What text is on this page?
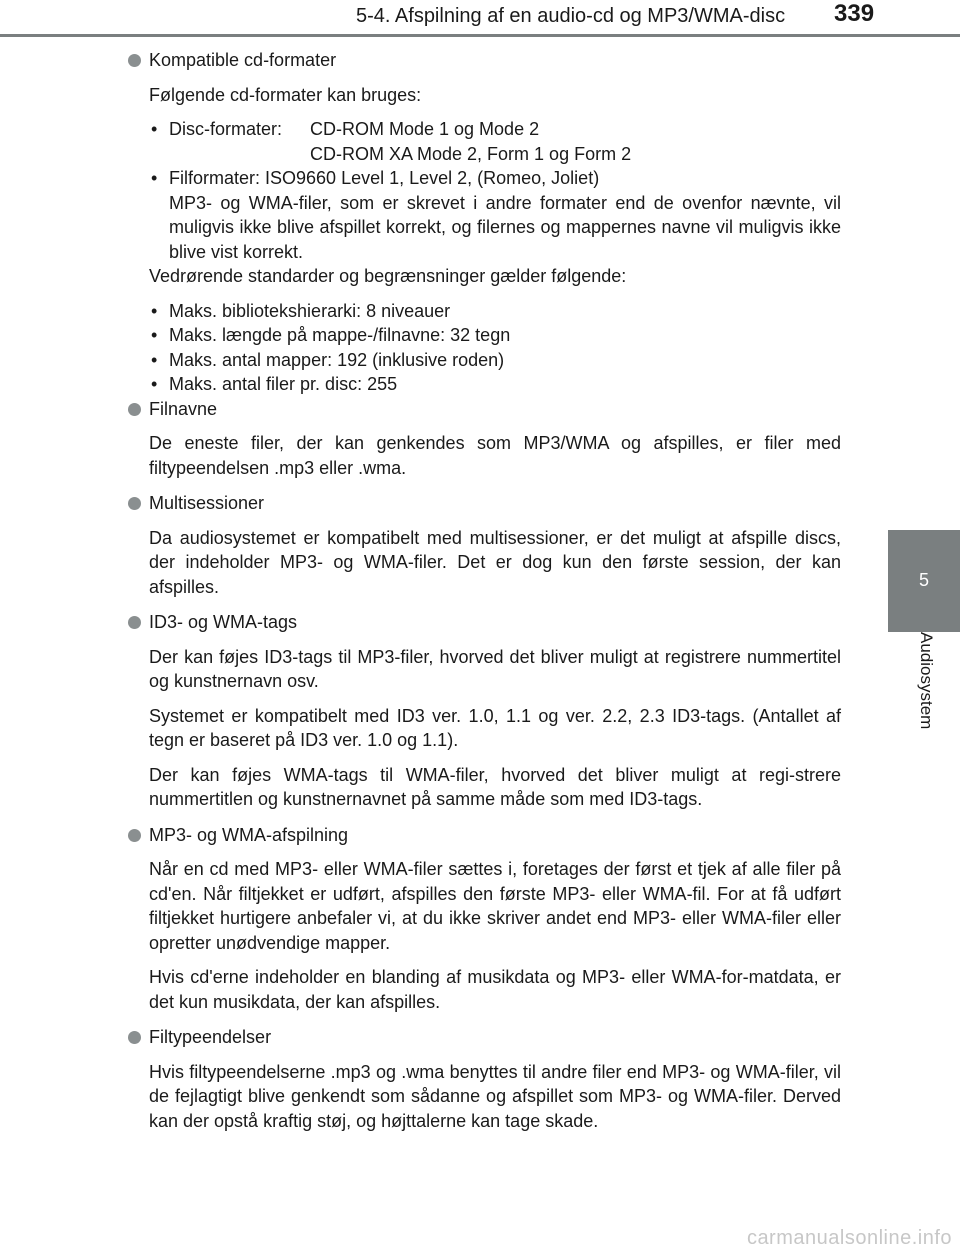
5-4. Afspilning af en audio-cd og MP3/WMA-disc 339
5
Audiosystem
Kompatible cd-formater

Følgende cd-formater kan bruges:

• Disc-formater:	CD-ROM Mode 1 og Mode 2
CD-ROM XA Mode 2, Form 1 og Form 2
• Filformater: ISO9660 Level 1, Level 2, (Romeo, Joliet)
MP3- og WMA-filer, som er skrevet i andre formater end de ovenfor nævnte, vil muligvis ikke blive afspillet korrekt, og filernes og mappernes navne vil muligvis ikke blive vist korrekt.

Vedrørende standarder og begrænsninger gælder følgende:

• Maks. bibliotekshierarki: 8 niveauer
• Maks. længde på mappe-/filnavne: 32 tegn
• Maks. antal mapper: 192 (inklusive roden)
• Maks. antal filer pr. disc: 255
Filnavne

De eneste filer, der kan genkendes som MP3/WMA og afspilles, er filer med filtypeendelsen .mp3 eller .wma.

Multisessioner

Da audiosystemet er kompatibelt med multisessioner, er det muligt at afspille discs, der indeholder MP3- og WMA-filer. Det er dog kun den første session, der kan afspilles.

ID3- og WMA-tags

Der kan føjes ID3-tags til MP3-filer, hvorved det bliver muligt at registrere nummertitel og kunstnernavn osv.

Systemet er kompatibelt med ID3 ver. 1.0, 1.1 og ver. 2.2, 2.3 ID3-tags. (Antallet af tegn er baseret på ID3 ver. 1.0 og 1.1).

Der kan føjes WMA-tags til WMA-filer, hvorved det bliver muligt at regi-strere nummertitlen og kunstnernavnet på samme måde som med ID3-tags.

MP3- og WMA-afspilning

Når en cd med MP3- eller WMA-filer sættes i, foretages der først et tjek af alle filer på cd'en. Når filtjekket er udført, afspilles den første MP3- eller WMA-fil. For at få udført filtjekket hurtigere anbefaler vi, at du ikke skriver andet end MP3- eller WMA-filer eller opretter unødvendige mapper.

Hvis cd'erne indeholder en blanding af musikdata og MP3- eller WMA-for-matdata, er det kun musikdata, der kan afspilles.

Filtypeendelser

Hvis filtypeendelserne .mp3 og .wma benyttes til andre filer end MP3- og WMA-filer, vil de fejlagtigt blive genkendt som sådanne og afspillet som MP3- og WMA-filer. Derved kan der opstå kraftig støj, og højttalerne kan tage skade.

carmanualsonline.info
